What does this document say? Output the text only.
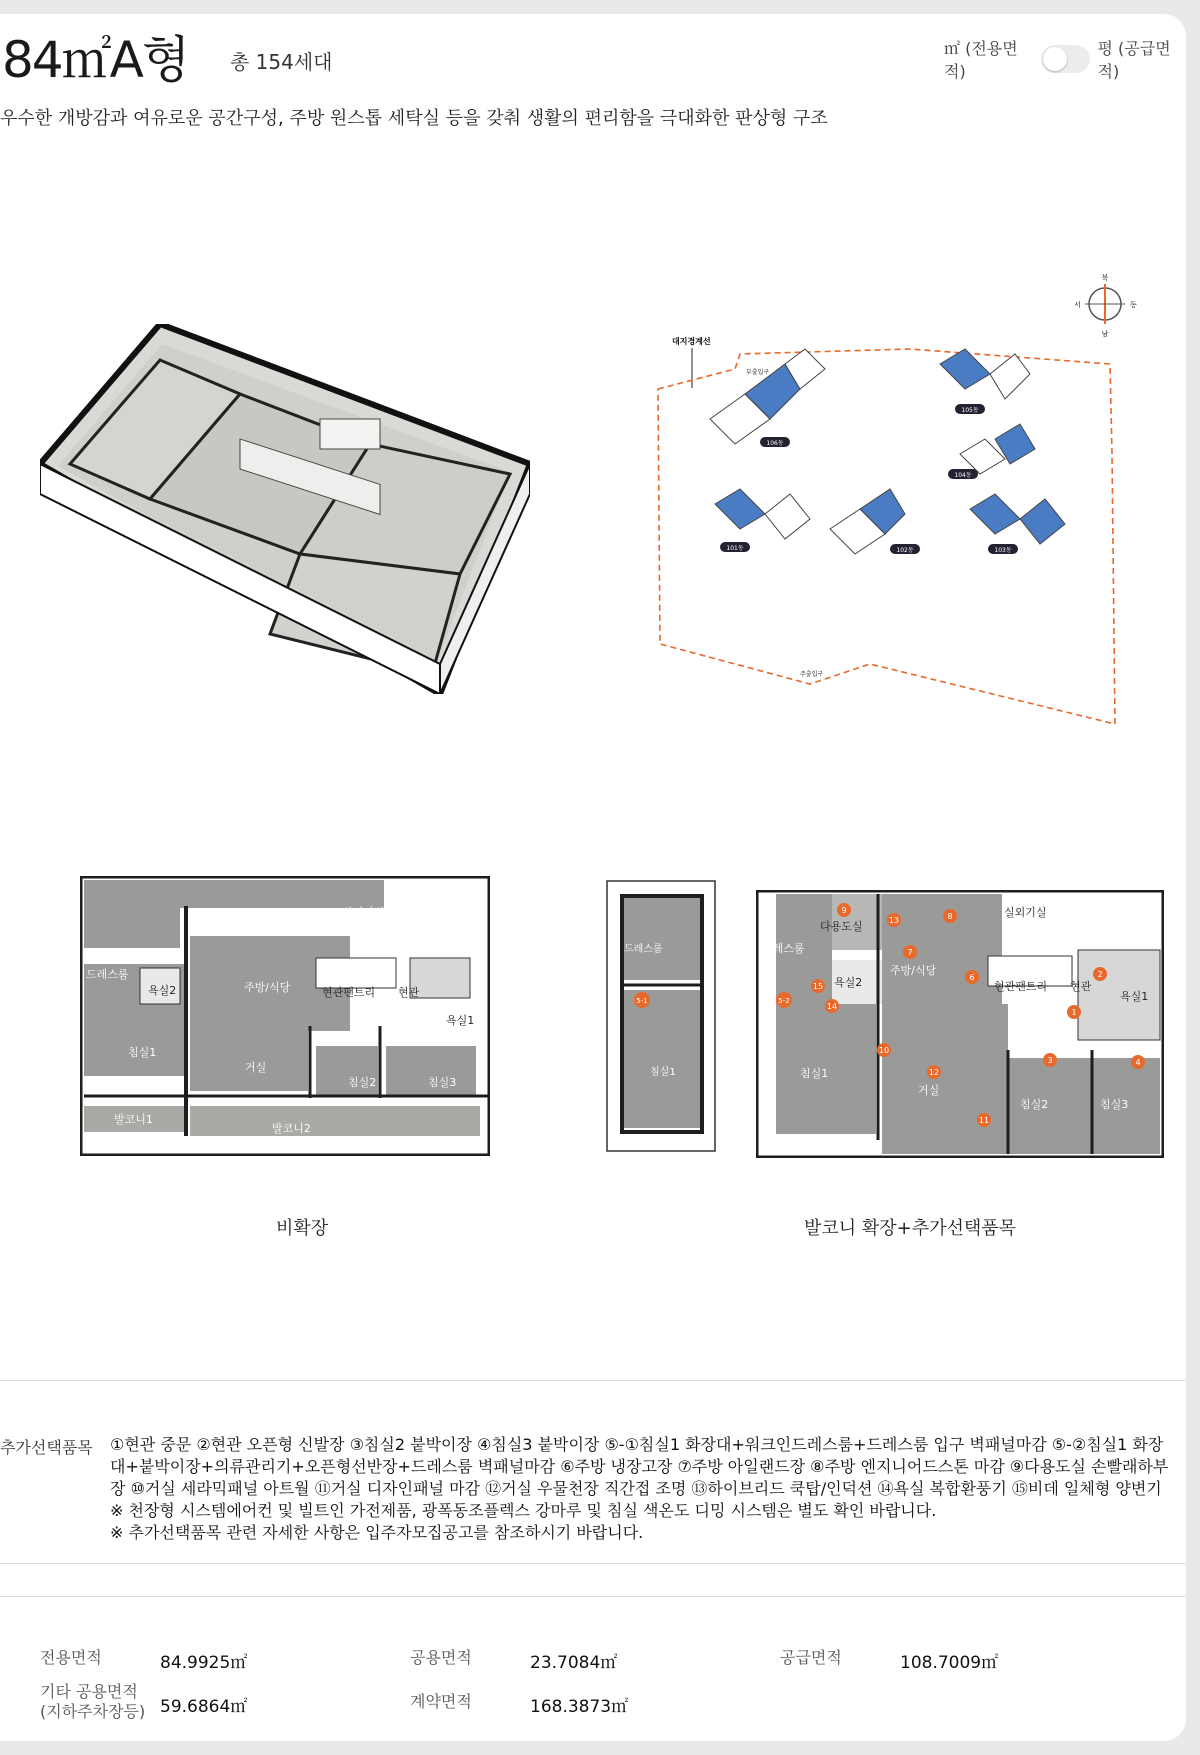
84㎡A형 총 154세대
㎡ (전용면적)
평 (공급면적)
우수한 개방감과 여유로운 공간구성, 주방 원스톱 세탁실 등을 갖춰 생활의 편리함을 극대화한 판상형 구조
북
남
동
서
대지경계선
부출입구
주출입구
106동
105동
104동
101동	102동	103동
발코니3
실외기실
드레스룸
욕실2	주방/식당	현관팬트리 현관
욕실1
침실1
거실
침실2	침실3
발코니1
발코니2
비확장
드레스룸
침실1
5-1
다용도실
실외기실
드레스룸
욕실2
주방/식당
현관팬트리 현관
욕실1
침실1
거실
침실2	침실3
1
2
3	4
5-2
6
7
8
9
10
11
12
13
14
15
발코니 확장+추가선택품목
추가선택품목 ①현관 중문 ②현관 오픈형 신발장 ③침실2 붙박이장 ④침실3 붙박이장 ⑤-①침실1 화장대+워크인드레스룸+드레스룸 입구 벽패널마감 ⑤-②침실1 화장

대+붙박이장+의류관리기+오픈형선반장+드레스룸 벽패널마감 ⑥주방 냉장고장 ⑦주방 아일랜드장 ⑧주방 엔지니어드스톤 마감 ⑨다용도실 손빨래하부

장 ⑩거실 세라믹패널 아트월 ⑪거실 디자인패널 마감 ⑫거실 우물천장 직간접 조명 ⑬하이브리드 쿡탑/인덕션 ⑭욕실 복합환풍기 ⑮비데 일체형 양변기

※ 천장형 시스템에어컨 및 빌트인 가전제품, 광폭동조플렉스 강마루 및 침실 색온도 디밍 시스템은 별도 확인 바랍니다.

※ 추가선택품목 관련 자세한 사항은 입주자모집공고를 참조하시기 바랍니다.

전용면적	84.9925㎡	공용면적	23.7084㎡	공급면적	108.7009㎡
기타 공용면적
(지하주차장등) 59.6864㎡	계약면적	168.3873㎡
